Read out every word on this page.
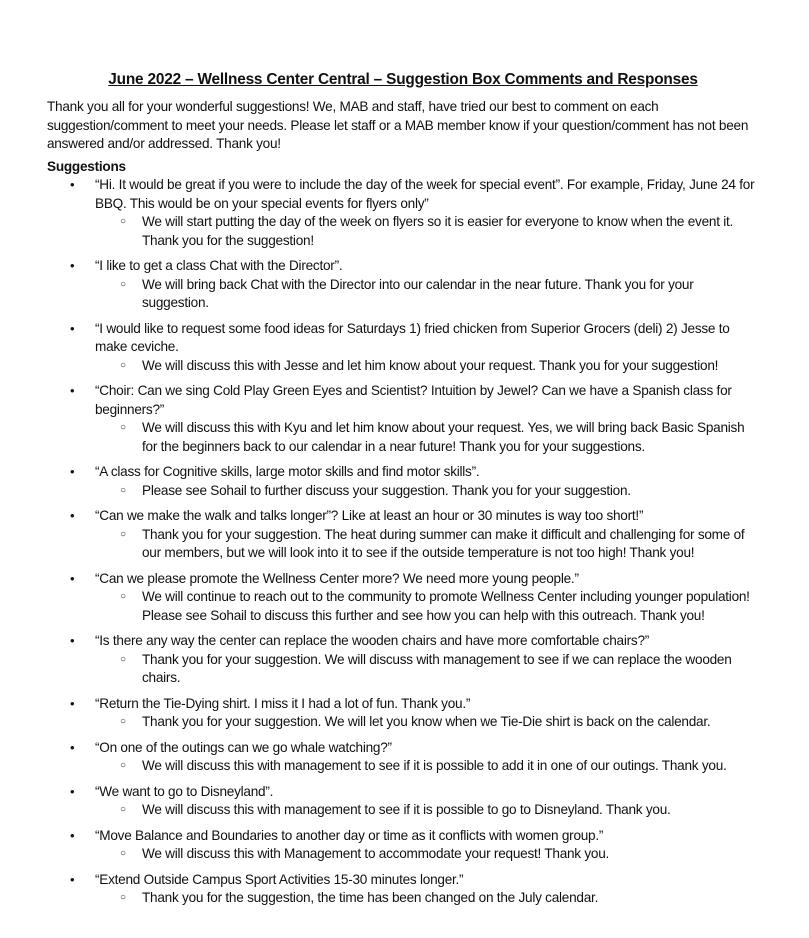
June 2022 – Wellness Center Central – Suggestion Box Comments and Responses
Thank you all for your wonderful suggestions! We, MAB and staff, have tried our best to comment on each suggestion/comment to meet your needs. Please let staff or a MAB member know if your question/comment has not been answered and/or addressed. Thank you!
Suggestions
• “Hi. It would be great if you were to include the day of the week for special event”. For example, Friday, June 24 for BBQ. This would be on your special events for flyers only”
○ We will start putting the day of the week on flyers so it is easier for everyone to know when the event it. Thank you for the suggestion!
• “I like to get a class Chat with the Director”.
○ We will bring back Chat with the Director into our calendar in the near future. Thank you for your suggestion.
• “I would like to request some food ideas for Saturdays 1) fried chicken from Superior Grocers (deli) 2) Jesse to make ceviche.
○ We will discuss this with Jesse and let him know about your request. Thank you for your suggestion!
• “Choir: Can we sing Cold Play Green Eyes and Scientist? Intuition by Jewel? Can we have a Spanish class for beginners?”
○ We will discuss this with Kyu and let him know about your request. Yes, we will bring back Basic Spanish for the beginners back to our calendar in a near future! Thank you for your suggestions.
• “A class for Cognitive skills, large motor skills and find motor skills”.
○ Please see Sohail to further discuss your suggestion. Thank you for your suggestion.
• “Can we make the walk and talks longer”? Like at least an hour or 30 minutes is way too short!”
○ Thank you for your suggestion. The heat during summer can make it difficult and challenging for some of our members, but we will look into it to see if the outside temperature is not too high! Thank you!
• “Can we please promote the Wellness Center more? We need more young people.”
○ We will continue to reach out to the community to promote Wellness Center including younger population! Please see Sohail to discuss this further and see how you can help with this outreach. Thank you!
• “Is there any way the center can replace the wooden chairs and have more comfortable chairs?”
○ Thank you for your suggestion. We will discuss with management to see if we can replace the wooden chairs.
• “Return the Tie-Dying shirt. I miss it I had a lot of fun. Thank you.”
○ Thank you for your suggestion. We will let you know when we Tie-Die shirt is back on the calendar.
• “On one of the outings can we go whale watching?”
○ We will discuss this with management to see if it is possible to add it in one of our outings. Thank you.
• “We want to go to Disneyland”.
○ We will discuss this with management to see if it is possible to go to Disneyland. Thank you.
• “Move Balance and Boundaries to another day or time as it conflicts with women group.”
○ We will discuss this with Management to accommodate your request! Thank you.
• “Extend Outside Campus Sport Activities 15-30 minutes longer.”
○ Thank you for the suggestion, the time has been changed on the July calendar.
